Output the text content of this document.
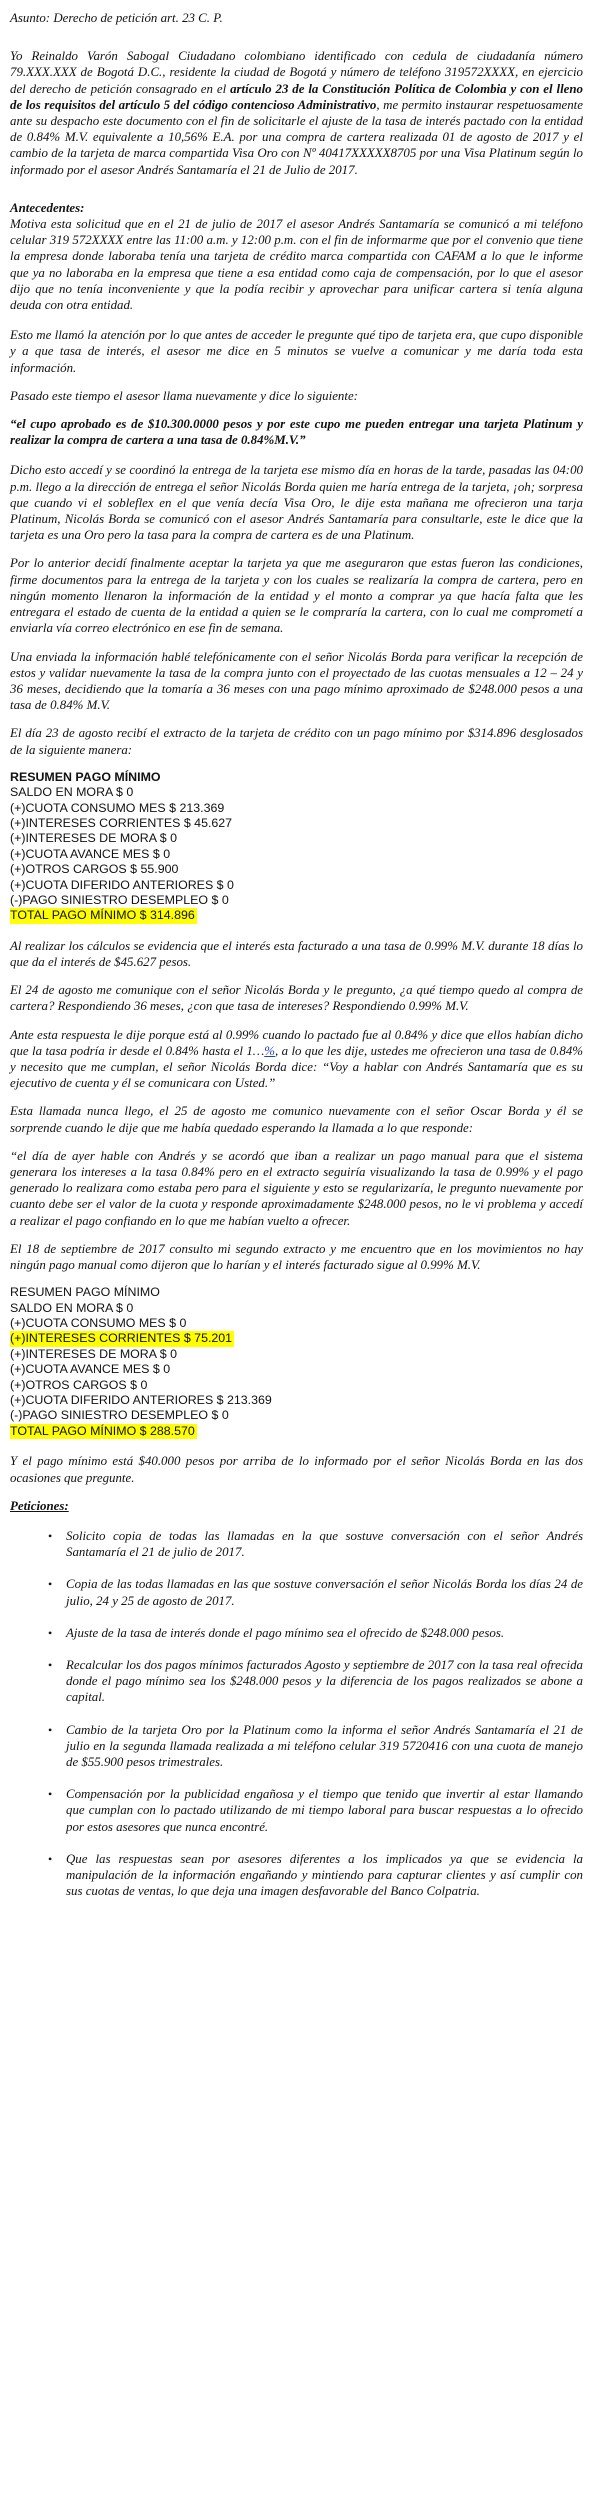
Asunto: Derecho de petición art. 23 C. P.

Yo Reinaldo Varón Sabogal Ciudadano colombiano identificado con cedula de ciudadanía número 79.XXX.XXX de Bogotá D.C., residente la ciudad de Bogotá y número de teléfono 319572XXXX, en ejercicio del derecho de petición consagrado en el artículo 23 de la Constitución Política de Colombia y con el lleno de los requisitos del artículo 5 del código contencioso Administrativo, me permito instaurar respetuosamente ante su despacho este documento con el fin de solicitarle el ajuste de la tasa de interés pactado con la entidad de 0.84% M.V. equivalente a 10,56% E.A. por una compra de cartera realizada 01 de agosto de 2017 y el cambio de la tarjeta de marca compartida Visa Oro con Nº 40417XXXXX8705 por una Visa Platinum según lo informado por el asesor Andrés Santamaría el 21 de Julio de 2017.

Antecedentes:

Motiva esta solicitud que en el 21 de julio de 2017 el asesor Andrés Santamaría se comunicó a mi teléfono celular 319 572XXXX entre las 11:00 a.m. y 12:00 p.m. con el fin de informarme que por el convenio que tiene la empresa donde laboraba tenía una tarjeta de crédito marca compartida con CAFAM a lo que le informe que ya no laboraba en la empresa que tiene a esa entidad como caja de compensación, por lo que el asesor dijo que no tenía inconveniente y que la podía recibir y aprovechar para unificar cartera si tenía alguna deuda con otra entidad.

Esto me llamó la atención por lo que antes de acceder le pregunte qué tipo de tarjeta era, que cupo disponible y a que tasa de interés, el asesor me dice en 5 minutos se vuelve a comunicar y me daría toda esta información.

Pasado este tiempo el asesor llama nuevamente y dice lo siguiente:

“el cupo aprobado es de $10.300.0000 pesos y por este cupo me pueden entregar una tarjeta Platinum y realizar la compra de cartera a una tasa de 0.84%M.V.”

Dicho esto accedí y se coordinó la entrega de la tarjeta ese mismo día en horas de la tarde, pasadas las 04:00 p.m. llego a la dirección de entrega el señor Nicolás Borda quien me haría entrega de la tarjeta, ¡oh; sorpresa que cuando vi el sobleflex en el que venía decía Visa Oro, le dije esta mañana me ofrecieron una tarja Platinum, Nicolás Borda se comunicó con el asesor Andrés Santamaría para consultarle, este le dice que la tarjeta es una Oro pero la tasa para la compra de cartera es de una Platinum.

Por lo anterior decidí finalmente aceptar la tarjeta ya que me aseguraron que estas fueron las condiciones, firme documentos para la entrega de la tarjeta y con los cuales se realizaría la compra de cartera, pero en ningún momento llenaron la información de la entidad y el monto a comprar ya que hacía falta que les entregara el estado de cuenta de la entidad a quien se le compraría la cartera, con lo cual me comprometí a enviarla vía correo electrónico en ese fin de semana.

Una enviada la información hablé telefónicamente con el señor Nicolás Borda para verificar la recepción de estos y validar nuevamente la tasa de la compra junto con el proyectado de las cuotas mensuales a 12 – 24 y 36 meses, decidiendo que la tomaría a 36 meses con una pago mínimo aproximado de $248.000 pesos a una tasa de 0.84% M.V.

El día 23 de agosto recibí el extracto de la tarjeta de crédito con un pago mínimo por $314.896 desglosados de la siguiente manera:

RESUMEN PAGO MÍNIMO
SALDO EN MORA $ 0
(+)CUOTA CONSUMO MES $ 213.369
(+)INTERESES CORRIENTES $ 45.627
(+)INTERESES DE MORA $ 0
(+)CUOTA AVANCE MES $ 0
(+)OTROS CARGOS $ 55.900
(+)CUOTA DIFERIDO ANTERIORES $ 0
(-)PAGO SINIESTRO DESEMPLEO $ 0
TOTAL PAGO MÍNIMO $ 314.896

Al realizar los cálculos se evidencia que el interés esta facturado a una tasa de 0.99% M.V. durante 18 días lo que da el interés de $45.627 pesos.

El 24 de agosto me comunique con el señor Nicolás Borda y le pregunto, ¿a qué tiempo quedo al compra de cartera? Respondiendo 36 meses, ¿con que tasa de intereses? Respondiendo 0.99% M.V.

Ante esta respuesta le dije porque está al 0.99% cuando lo pactado fue al 0.84% y dice que ellos habían dicho que la tasa podría ir desde el 0.84% hasta el 1…%, a lo que les dije, ustedes me ofrecieron una tasa de 0.84% y necesito que me cumplan, el señor Nicolás Borda dice: “Voy a hablar con Andrés Santamaría que es su ejecutivo de cuenta y él se comunicara con Usted.”

Esta llamada nunca llego, el 25 de agosto me comunico nuevamente con el señor Oscar Borda y él se sorprende cuando le dije que me había quedado esperando la llamada a lo que responde:

“el día de ayer hable con Andrés y se acordó que iban a realizar un pago manual para que el sistema generara los intereses a la tasa 0.84% pero en el extracto seguiría visualizando la tasa de 0.99% y el pago generado lo realizara como estaba pero para el siguiente y esto se regularizaría, le pregunto nuevamente por cuanto debe ser el valor de la cuota y responde aproximadamente $248.000 pesos, no le vi problema y accedí a realizar el pago confiando en lo que me habían vuelto a ofrecer.

El 18 de septiembre de 2017 consulto mi segundo extracto y me encuentro que en los movimientos no hay ningún pago manual como dijeron que lo harían y el interés facturado sigue al 0.99% M.V.

RESUMEN PAGO MÍNIMO
SALDO EN MORA $ 0
(+)CUOTA CONSUMO MES $ 0
(+)INTERESES CORRIENTES $ 75.201
(+)INTERESES DE MORA $ 0
(+)CUOTA AVANCE MES $ 0
(+)OTROS CARGOS $ 0
(+)CUOTA DIFERIDO ANTERIORES $ 213.369
(-)PAGO SINIESTRO DESEMPLEO $ 0
TOTAL PAGO MÍNIMO $ 288.570

Y el pago mínimo está $40.000 pesos por arriba de lo informado por el señor Nicolás Borda en las dos ocasiones que pregunte.

Peticiones:

• Solicito copia de todas las llamadas en la que sostuve conversación con el señor Andrés Santamaría el 21 de julio de 2017.
• Copia de las todas llamadas en las que sostuve conversación el señor Nicolás Borda los días 24 de julio, 24 y 25 de agosto de 2017.
• Ajuste de la tasa de interés donde el pago mínimo sea el ofrecido de $248.000 pesos.
• Recalcular los dos pagos mínimos facturados Agosto y septiembre de 2017 con la tasa real ofrecida donde el pago mínimo sea los $248.000 pesos y la diferencia de los pagos realizados se abone a capital.
• Cambio de la tarjeta Oro por la Platinum como la informa el señor Andrés Santamaría el 21 de julio en la segunda llamada realizada a mi teléfono celular 319 5720416 con una cuota de manejo de $55.900 pesos trimestrales.
• Compensación por la publicidad engañosa y el tiempo que tenido que invertir al estar llamando que cumplan con lo pactado utilizando de mi tiempo laboral para buscar respuestas a lo ofrecido por estos asesores que nunca encontré.
• Que las respuestas sean por asesores diferentes a los implicados ya que se evidencia la manipulación de la información engañando y mintiendo para capturar clientes y así cumplir con sus cuotas de ventas, lo que deja una imagen desfavorable del Banco Colpatria.
